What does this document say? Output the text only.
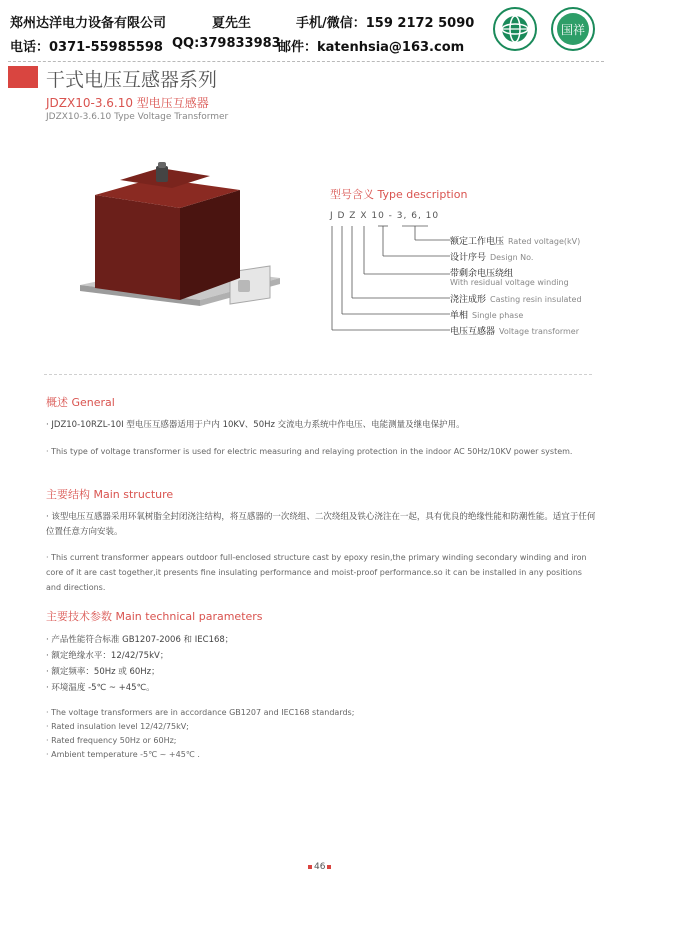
郑州达洋电力设备有限公司	夏先生	手机/微信：159 2172 5090
电话：0371-55985598 QQ:379833983
邮件：katenhsia@163.com
国祥
干式电压互感器系列
JDZX10-3.6.10 型电压互感器
JDZX10-3.6.10 Type Voltage Transformer
型号含义 Type description
J D Z X 10 - 3, 6, 10
额定工作电压 Rated voltage(kV)
设计序号 Design No.
带剩余电压绕组
With residual voltage winding
浇注成形 Casting resin insulated
单相 Single phase
电压互感器 Voltage transformer
概述 General
· JDZ10-10RZL-10I 型电压互感器适用于户内 10KV、50Hz 交流电力系统中作电压、电能测量及继电保护用。
· This type of voltage transformer is used for electric measuring and relaying protection in the indoor AC 50Hz/10KV power system.
主要结构 Main structure
· 该型电压互感器采用环氧树脂全封闭浇注结构，将互感器的一次绕组、二次绕组及铁心浇注在一起，具有优良的绝缘性能和防潮性能。适宜于任何位置任意方向安装。
· This current transformer appears outdoor full-enclosed structure cast by epoxy resin,the primary winding secondary winding and iron core of it are cast together,it presents fine insulating performance and moist-proof performance.so it can be installed in any positions and directions.
主要技术参数 Main technical parameters
· 产品性能符合标准 GB1207-2006 和 IEC168；
· 额定绝缘水平：12/42/75kV；
· 额定频率：50Hz 或 60Hz；
· 环境温度 -5℃ ~ +45℃。
· The voltage transformers are in accordance GB1207 and IEC168 standards;
· Rated insulation level 12/42/75kV;
· Rated frequency 50Hz or 60Hz;
· Ambient temperature -5℃ ~ +45℃ .
46
